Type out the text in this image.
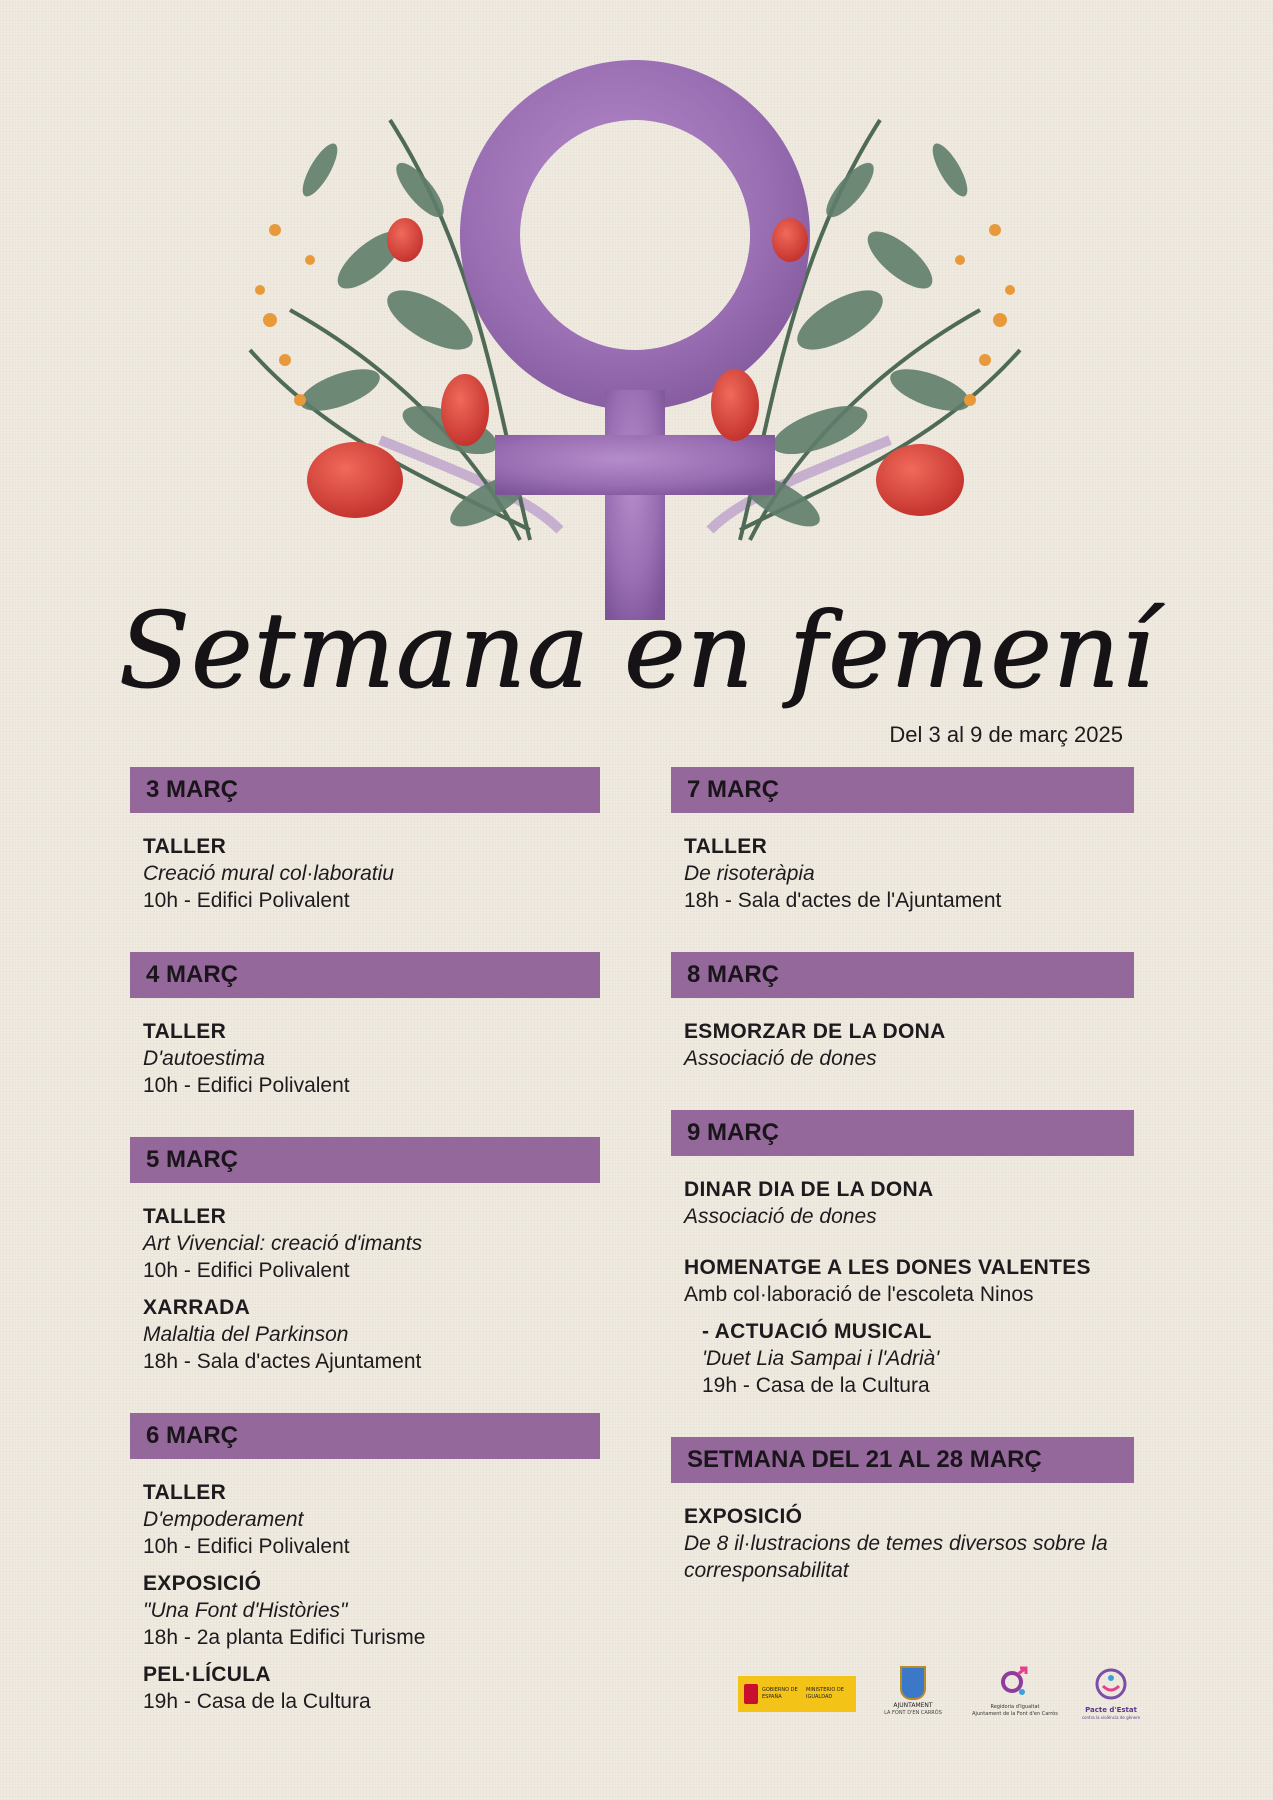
Setmana en femení
Del 3 al 9 de març 2025
3 MARÇ
TALLER
Creació mural col·laboratiu
10h - Edifici Polivalent
4 MARÇ
TALLER
D'autoestima
10h - Edifici Polivalent
5 MARÇ
TALLER
Art Vivencial: creació d'imants
10h - Edifici Polivalent
XARRADA
Malaltia del Parkinson
18h - Sala d'actes Ajuntament
6 MARÇ
TALLER
D'empoderament
10h - Edifici Polivalent
EXPOSICIÓ
"Una Font d'Històries"
18h - 2a planta Edifici Turisme
PEL·LÍCULA
19h - Casa de la Cultura
7 MARÇ
TALLER
De risoteràpia
18h - Sala d'actes de l'Ajuntament
8 MARÇ
ESMORZAR DE LA DONA
Associació de dones
9 MARÇ
DINAR DIA DE LA DONA
Associació de dones
HOMENATGE A LES DONES VALENTES
Amb col·laboració de l'escoleta Ninos
- ACTUACIÓ MUSICAL
'Duet Lia Sampai i l'Adrià'
19h - Casa de la Cultura
SETMANA DEL 21 AL 28 MARÇ
EXPOSICIÓ
De 8 il·lustracions de temes diversos sobre la corresponsabilitat
GOBIERNO DE ESPAÑA
MINISTERIO DE IGUALDAD
AJUNTAMENT
LA FONT D'EN CARRÒS
Regidoria d'Igualtat
Ajuntament de la Font d'en Carròs	Pacte d'Estat
contra la violència de gènere
